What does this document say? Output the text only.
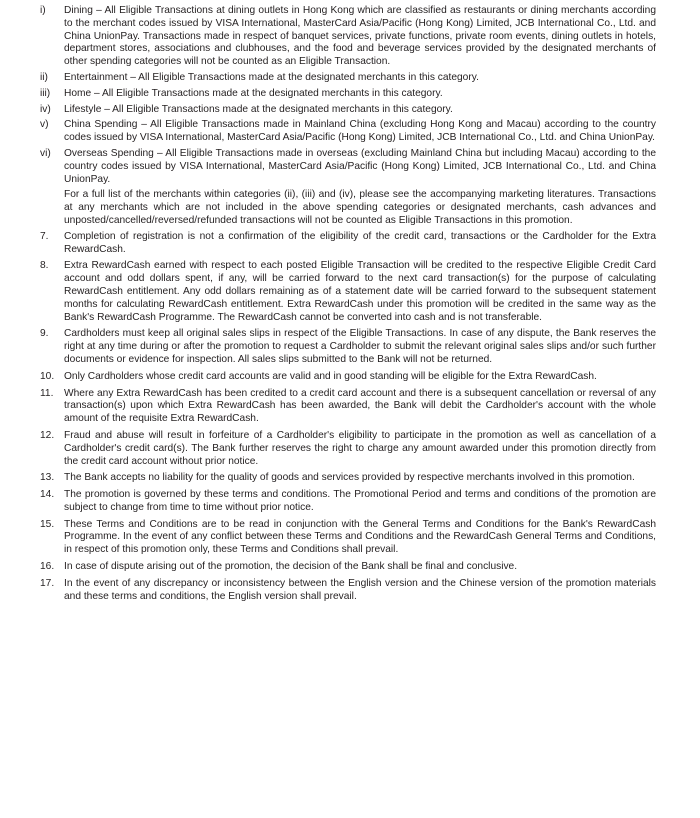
i)	Dining – All Eligible Transactions at dining outlets in Hong Kong which are classified as restaurants or dining merchants according to the merchant codes issued by VISA International, MasterCard Asia/Pacific (Hong Kong) Limited, JCB International Co., Ltd. and China UnionPay. Transactions made in respect of banquet services, private functions, private room events, dining outlets in hotels, department stores, associations and clubhouses, and the food and beverage services provided by the designated merchants of other spending categories will not be counted as an Eligible Transaction.
ii)	Entertainment – All Eligible Transactions made at the designated merchants in this category.
iii)	Home – All Eligible Transactions made at the designated merchants in this category.
iv)	Lifestyle – All Eligible Transactions made at the designated merchants in this category.
v)	China Spending – All Eligible Transactions made in Mainland China (excluding Hong Kong and Macau) according to the country codes issued by VISA International, MasterCard Asia/Pacific (Hong Kong) Limited, JCB International Co., Ltd. and China UnionPay.
vi)	Overseas Spending – All Eligible Transactions made in overseas (excluding Mainland China but including Macau) according to the country codes issued by VISA International, MasterCard Asia/Pacific (Hong Kong) Limited, JCB International Co., Ltd. and China UnionPay.

For a full list of the merchants within categories (ii), (iii) and (iv), please see the accompanying marketing literatures. Transactions at any merchants which are not included in the above spending categories or designated merchants, cash advances and unposted/cancelled/reversed/refunded transactions will not be counted as Eligible Transactions in this promotion.

7.	Completion of registration is not a confirmation of the eligibility of the credit card, transactions or the Cardholder for the Extra RewardCash.
8.	Extra RewardCash earned with respect to each posted Eligible Transaction will be credited to the respective Eligible Credit Card account and odd dollars spent, if any, will be carried forward to the next card transaction(s) for the purpose of calculating RewardCash entitlement. Any odd dollars remaining as of a statement date will be carried forward to the subsequent statement months for calculating RewardCash entitlement. Extra RewardCash under this promotion will be credited in the same way as the Bank's RewardCash Programme. The RewardCash cannot be converted into cash and is not transferable.
9.	Cardholders must keep all original sales slips in respect of the Eligible Transactions. In case of any dispute, the Bank reserves the right at any time during or after the promotion to request a Cardholder to submit the relevant original sales slips and/or such further documents or evidence for inspection. All sales slips submitted to the Bank will not be returned.
10. Only Cardholders whose credit card accounts are valid and in good standing will be eligible for the Extra RewardCash.
11.	Where any Extra RewardCash has been credited to a credit card account and there is a subsequent cancellation or reversal of any transaction(s) upon which Extra RewardCash has been awarded, the Bank will debit the Cardholder's account with the whole amount of the requisite Extra RewardCash.
12. Fraud and abuse will result in forfeiture of a Cardholder's eligibility to participate in the promotion as well as cancellation of a Cardholder's credit card(s). The Bank further reserves the right to charge any amount awarded under this promotion directly from the credit card account without prior notice.
13. The Bank accepts no liability for the quality of goods and services provided by respective merchants involved in this promotion.
14. The promotion is governed by these terms and conditions. The Promotional Period and terms and conditions of the promotion are subject to change from time to time without prior notice.
15. These Terms and Conditions are to be read in conjunction with the General Terms and Conditions for the Bank's RewardCash Programme. In the event of any conflict between these Terms and Conditions and the RewardCash General Terms and Conditions, in respect of this promotion only, these Terms and Conditions shall prevail.
16. In case of dispute arising out of the promotion, the decision of the Bank shall be final and conclusive.
17. In the event of any discrepancy or inconsistency between the English version and the Chinese version of the promotion materials and these terms and conditions, the English version shall prevail.
